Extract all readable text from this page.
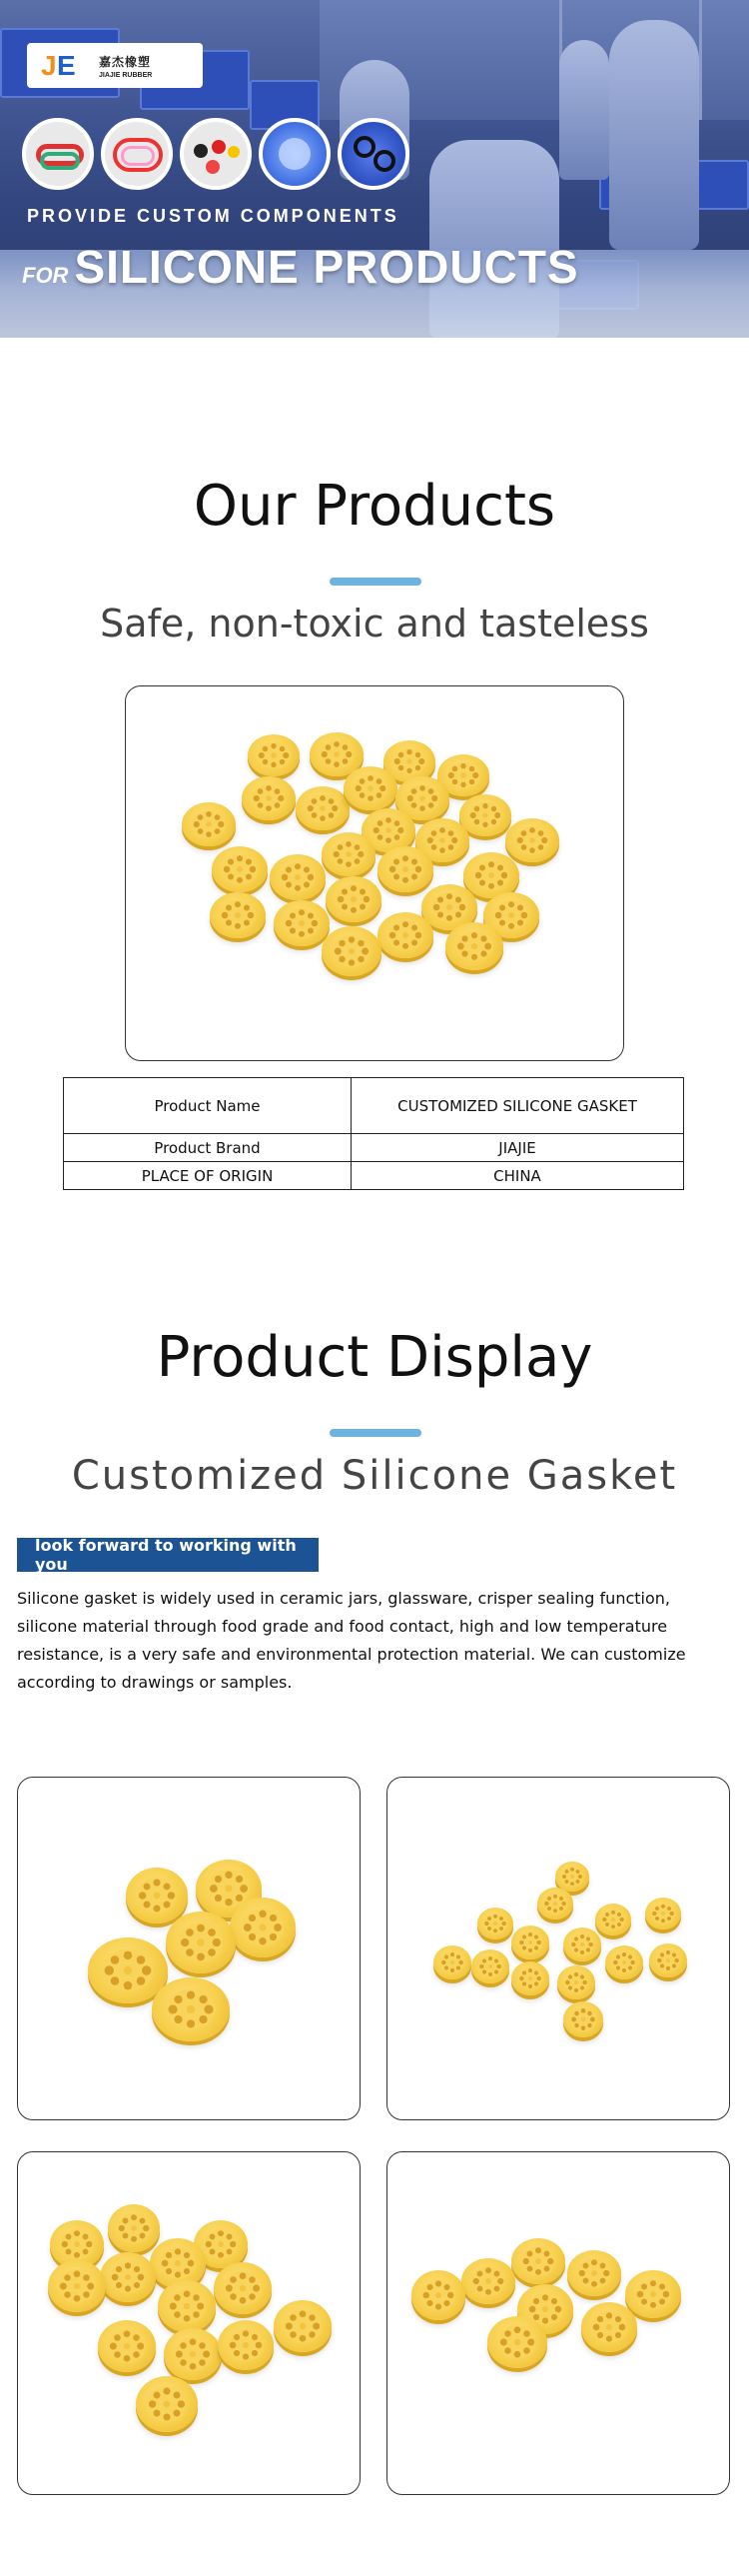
J E 嘉杰橡塑
JIAJIE RUBBER
PROVIDE CUSTOM COMPONENTS
FOR SILICONE PRODUCTS
Our Products
Safe, non-toxic and tasteless
Product Name	CUSTOMIZED SILICONE GASKET
Product Brand	JIAJIE
PLACE OF ORIGIN	CHINA
Product Display
Customized Silicone Gasket
look forward to working with you
Silicone gasket is widely used in ceramic jars, glassware, crisper sealing function, silicone material through food grade and food contact, high and low temperature resistance, is a very safe and environmental protection material. We can customize according to drawings or samples.
